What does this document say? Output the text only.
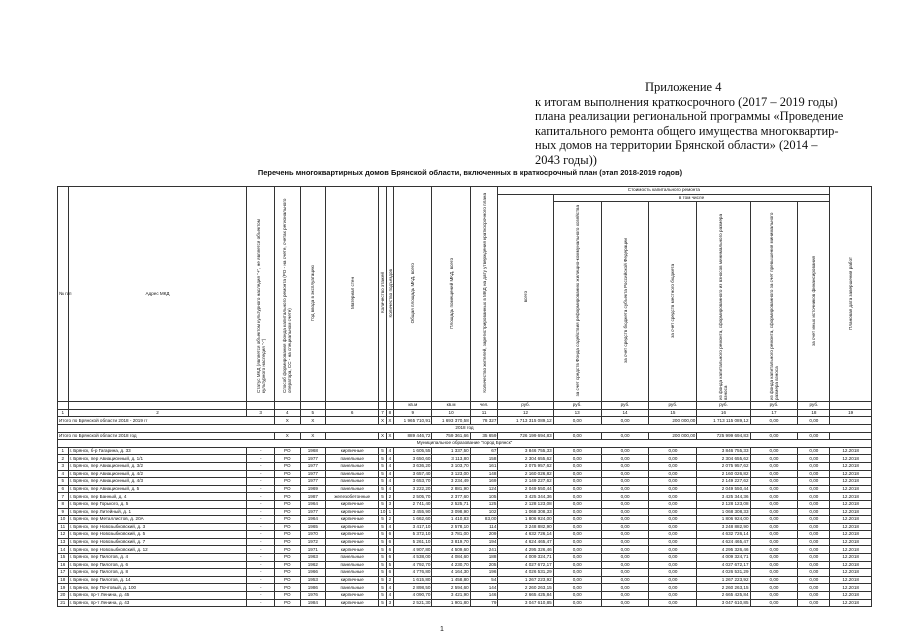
Приложение 4
к итогам выполнения краткосрочного (2017 – 2019 годы)
плана реализации региональной программы «Проведение
капитального ремонта общего имущества многоквартир-
ных домов на территории Брянской области» (2014 –
2043 годы))
Перечень многоквартирных домов Брянской области, включенных в краткосрочный план (этап 2018-2019 годов)
№ п/п	Адрес МКД	Статус МКД (является объектом культурного наследия "+", не является объектом культурного наследия "-")	Способ формирования фонда капитального ремонта (РО - на счете, счетах регионального оператора, СС - на специальном счете)	Год ввода в эксплуатацию	Материал стен	Количество этажей	Количество подъездов	Общая площадь МКД, всего	Площадь помещений МКД, всего	Количество жителей, зарегистрированных в МКД на дату утверждения краткосрочного плана	Стоимость капитального ремонта							Плановая дата завершения работ
											всего	в том числе						
												за счет средств Фонда содействия реформированию жилищно-коммунального хозяйства	за счет средств бюджета субъекта Российской Федерации	за счет средств местного бюджета	из фонда капитального ремонта, сформированного из взносов минимального размера взноса	из фонда капитального ремонта, сформированного за счет превышения минимального размера взноса	за счет иных источников финансирования	
								кв.м	кв.м	чел.	руб.	руб.	руб.	руб.	руб.	руб.	руб.	
1	2	3	4	5	6	7	8	9	10	11	12	13	14	15	16	17	18	19
Итого по Брянской области 2018 - 2019 гг			Х	Х		Х	Х	1 965 710,91	1 693 370,58	78 327	1 713 315 089,12	0,00	0,00	200 000,00	1 713 115 089,12	0,00	0,00	
2018 год																		
Итого по Брянской области 2018 год			Х	Х		Х	Х	889 446,72	759 361,66	35 659	726 199 694,83	0,00	0,00	200 000,00	725 999 694,83	0,00	0,00	
Муниципальное образование "город Брянск"																		
1	г. Брянск, б-р Гагарина, д. 33	-	РО	1968	кирпичные	5	4	1 605,55	1 337,50	67	3 846 755,33	0,00	0,00	0,00	3 846 755,33	0,00	0,00	12.2018
2	г. Брянск, пер Авиационный, д. 1/1	-	РО	1977	панельные	5	4	3 650,60	3 113,80	158	2 304 655,62	0,00	0,00	0,00	2 304 655,62	0,00	0,00	12.2018
3	г. Брянск, пер Авиационный, д. 3/2	-	РО	1977	панельные	5	4	3 636,20	3 103,70	161	2 075 957,62	0,00	0,00	0,00	2 075 957,62	0,00	0,00	12.2018
4	г. Брянск, пер Авиационный, д. 4/2	-	РО	1977	панельные	5	4	3 657,40	3 123,00	148	2 160 026,82	0,00	0,00	0,00	2 160 026,82	0,00	0,00	12.2018
5	г. Брянск, пер Авиационный, д. 4/3	-	РО	1977	панельные	5	4	3 653,70	3 234,49	169	2 149 227,62	0,00	0,00	0,00	2 149 227,62	0,00	0,00	12.2018
6	г. Брянск, пер Авиационный, д. 5	-	РО	1969	панельные	5	4	3 222,20	2 881,90	124	2 049 550,44	0,00	0,00	0,00	2 049 550,44	0,00	0,00	12.2018
7	г. Брянск, пер Банный, д. 4	-	РО	1987	железобетонные	5	2	2 505,70	2 377,60	105	3 425 344,36	0,00	0,00	0,00	3 425 344,36	0,00	0,00	12.2018
8	г. Брянск, пер Горького, д. 5	-	РО	1964	кирпичные	5	3	2 741,40	2 525,71	125	2 128 123,08	0,00	0,00	0,00	2 128 123,08	0,00	0,00	12.2018
9	г. Брянск, пер Литейный, д. 1	-	РО	1977	кирпичные	10	1	3 455,90	3 098,90	102	1 068 308,33	0,00	0,00	0,00	1 068 308,33	0,00	0,00	12.2018
10	г. Брянск, пер Металлистов, д. 20А	-	РО	1964	кирпичные	5	2	1 662,60	1 410,83	83,00	1 806 924,00	0,00	0,00	0,00	1 806 924,00	0,00	0,00	12.2018
11	г. Брянск, пер Новозыбковский, д. 3	-	РО	1965	кирпичные	5	4	3 417,10	2 578,10	114	3 248 882,90	0,00	0,00	0,00	3 248 882,90	0,00	0,00	12.2018
12	г. Брянск, пер Новозыбковский, д. 5	-	РО	1970	кирпичные	5	6	5 372,10	3 781,00	209	4 632 726,14	0,00	0,00	0,00	4 632 726,14	0,00	0,00	12.2018
13	г. Брянск, пер Новозыбковский, д. 7	-	РО	1972	кирпичные	5	6	5 261,10	3 819,70	194	4 624 465,47	0,00	0,00	0,00	4 624 465,47	0,00	0,00	12.2018
14	г. Брянск, пер Новозыбковский, д. 12	-	РО	1971	кирпичные	5	6	4 907,80	4 509,60	241	4 295 326,46	0,00	0,00	0,00	4 295 326,46	0,00	0,00	12.2018
15	г. Брянск, пер Пилотов, д. 4	-	РО	1963	панельные	5	6	4 538,00	4 084,60	188	4 009 324,71	0,00	0,00	0,00	4 009 324,71	0,00	0,00	12.2018
16	г. Брянск, пер Пилотов, д. 6	-	РО	1962	панельные	5	5	4 792,70	4 230,70	205	4 027 672,17	0,00	0,00	0,00	4 027 672,17	0,00	0,00	12.2018
17	г. Брянск, пер Пилотов, д. 8	-	РО	1966	панельные	5	6	4 776,80	4 164,30	196	4 026 531,29	0,00	0,00	0,00	4 026 531,29	0,00	0,00	12.2018
18	г. Брянск, пер Пилотов, д. 14	-	РО	1953	кирпичные	5	2	1 615,80	1 458,80	54	1 267 223,92	0,00	0,00	0,00	1 267 223,92	0,00	0,00	12.2018
19	г. Брянск, пер Почтовый, д. 100	-	РО	1986	панельные	5	4	2 898,50	2 594,60	144	2 260 263,15	0,00	0,00	0,00	2 260 263,15	0,00	0,00	12.2018
20	г. Брянск, пр-т Ленина, д. 45	-	РО	1976	кирпичные	5	4	4 090,70	3 421,90	146	2 665 425,84	0,00	0,00	0,00	2 665 425,84	0,00	0,00	12.2018
21	г. Брянск, пр-т Ленина, д. 43	-	РО	1984	кирпичные	5	3	2 521,30	1 901,80	79	3 047 610,85	0,00	0,00	0,00	3 047 610,85	0,00	0,00	12.2018
1
